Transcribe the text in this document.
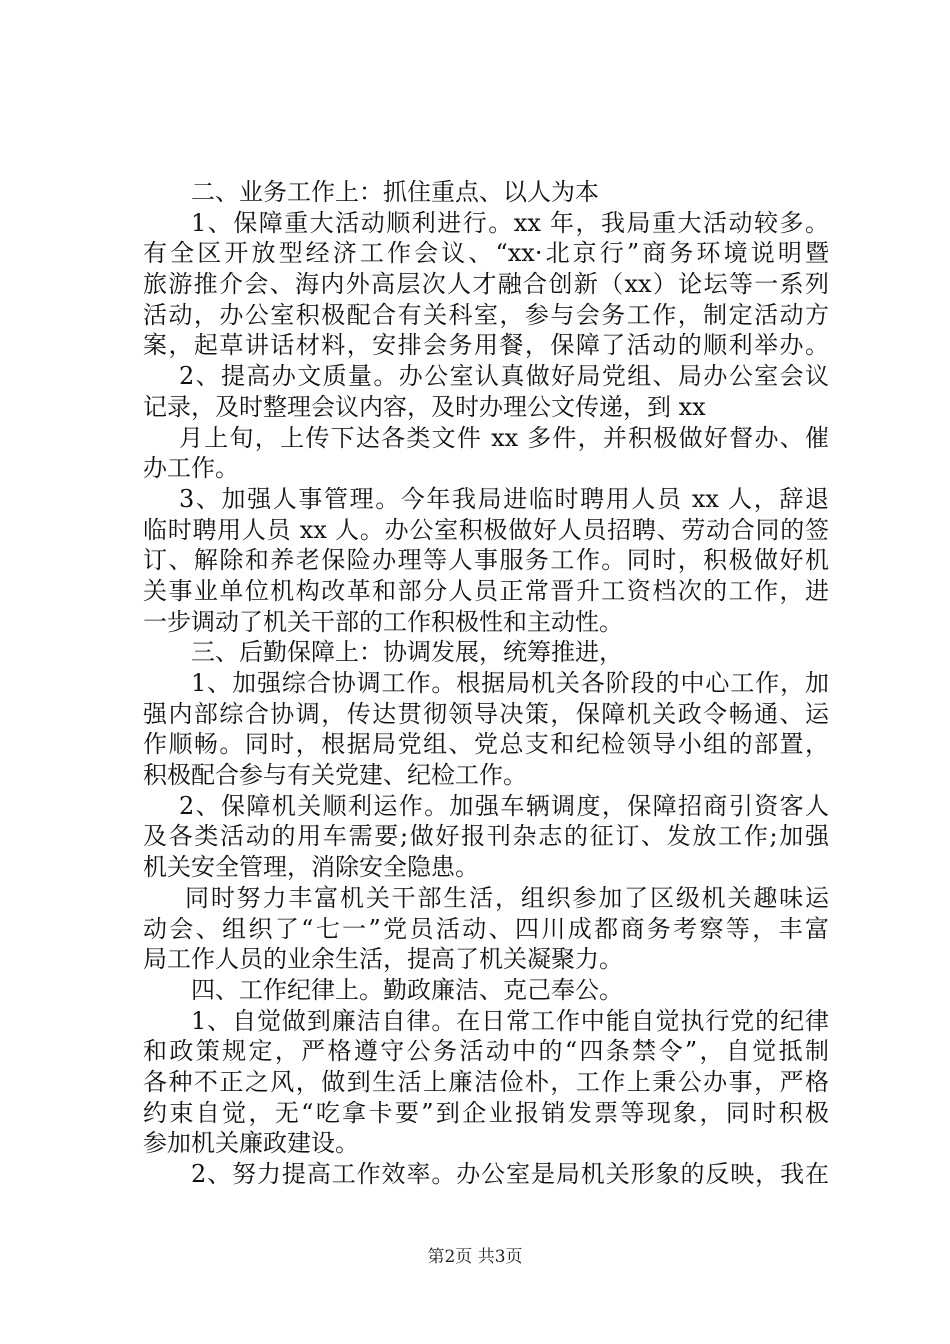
二、业务工作上：抓住重点、以人为本
1、保障重大活动顺利进行。xx 年，我局重大活动较多。
有全区开放型经济工作会议、“xx·北京行”商务环境说明暨
旅游推介会、海内外高层次人才融合创新（xx）论坛等一系列
活动，办公室积极配合有关科室，参与会务工作，制定活动方
案，起草讲话材料，安排会务用餐，保障了活动的顺利举办。
2、提高办文质量。办公室认真做好局党组、局办公室会议
记录，及时整理会议内容，及时办理公文传递，到 xx
月上旬，上传下达各类文件 xx 多件，并积极做好督办、催
办工作。
3、加强人事管理。今年我局进临时聘用人员 xx 人，辞退
临时聘用人员 xx 人。办公室积极做好人员招聘、劳动合同的签
订、解除和养老保险办理等人事服务工作。同时，积极做好机
关事业单位机构改革和部分人员正常晋升工资档次的工作，进
一步调动了机关干部的工作积极性和主动性。
三、后勤保障上：协调发展，统筹推进，
1、加强综合协调工作。根据局机关各阶段的中心工作，加
强内部综合协调，传达贯彻领导决策，保障机关政令畅通、运
作顺畅。同时，根据局党组、党总支和纪检领导小组的部置，
积极配合参与有关党建、纪检工作。
2、保障机关顺利运作。加强车辆调度，保障招商引资客人
及各类活动的用车需要;做好报刊杂志的征订、发放工作;加强
机关安全管理，消除安全隐患。
同时努力丰富机关干部生活，组织参加了区级机关趣味运
动会、组织了“七一”党员活动、四川成都商务考察等，丰富
局工作人员的业余生活，提高了机关凝聚力。
四、工作纪律上。勤政廉洁、克己奉公。
1、自觉做到廉洁自律。在日常工作中能自觉执行党的纪律
和政策规定，严格遵守公务活动中的“四条禁令”，自觉抵制
各种不正之风，做到生活上廉洁俭朴，工作上秉公办事，严格
约束自觉，无“吃拿卡要”到企业报销发票等现象，同时积极
参加机关廉政建设。
2、努力提高工作效率。办公室是局机关形象的反映，我在
第2页 共3页
